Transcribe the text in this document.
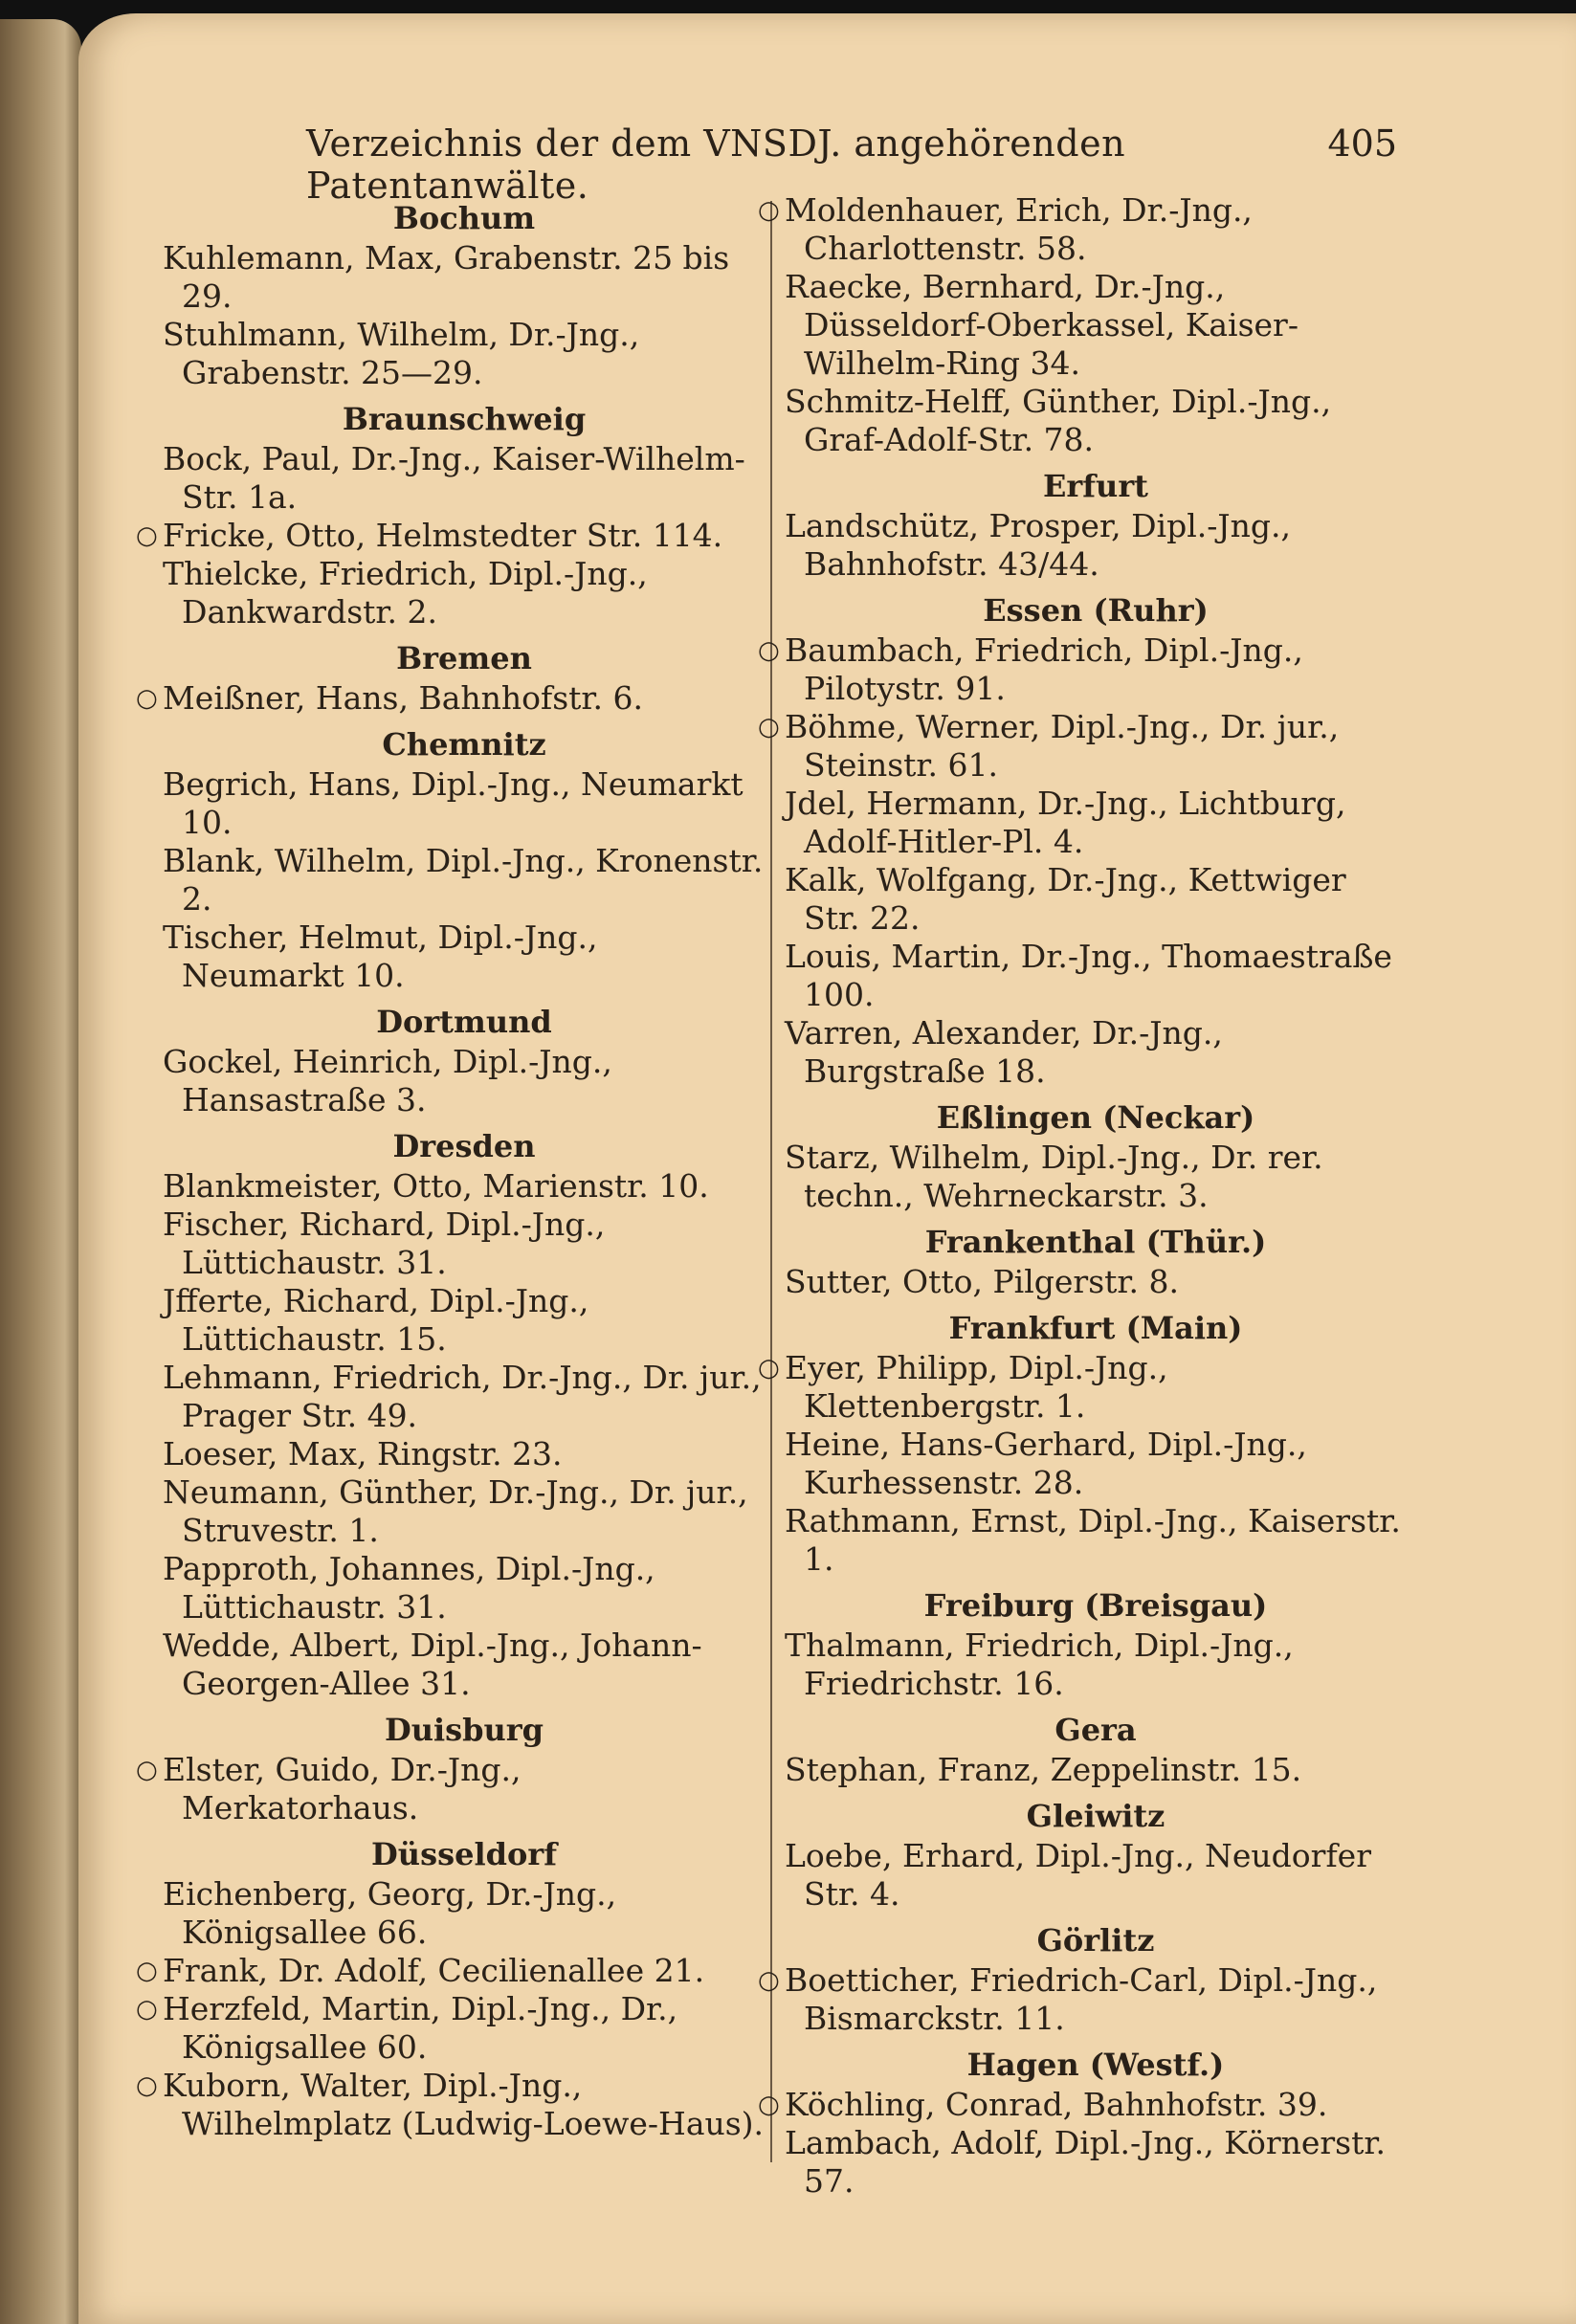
Verzeichnis der dem VNSDJ. angehörenden Patentanwälte.
405
Bochum
Kuhlemann, Max, Grabenstr. 25 bis 29.
Stuhlmann, Wilhelm, Dr.-Jng., Grabenstr. 25—29.
Braunschweig
Bock, Paul, Dr.-Jng., Kaiser-Wilhelm-Str. 1a.
○ Fricke, Otto, Helmstedter Str. 114.
Thielcke, Friedrich, Dipl.-Jng., Dankwardstr. 2.
Bremen
○ Meißner, Hans, Bahnhofstr. 6.
Chemnitz
Begrich, Hans, Dipl.-Jng., Neumarkt 10.
Blank, Wilhelm, Dipl.-Jng., Kronenstr. 2.
Tischer, Helmut, Dipl.-Jng., Neumarkt 10.
Dortmund
Gockel, Heinrich, Dipl.-Jng., Hansastraße 3.
Dresden
Blankmeister, Otto, Marienstr. 10.
Fischer, Richard, Dipl.-Jng., Lüttichaustr. 31.
Jfferte, Richard, Dipl.-Jng., Lüttichaustr. 15.
Lehmann, Friedrich, Dr.-Jng., Dr. jur., Prager Str. 49.
Loeser, Max, Ringstr. 23.
Neumann, Günther, Dr.-Jng., Dr. jur., Struvestr. 1.
Papproth, Johannes, Dipl.-Jng., Lüttichaustr. 31.
Wedde, Albert, Dipl.-Jng., Johann-Georgen-Allee 31.
Duisburg
○ Elster, Guido, Dr.-Jng., Merkatorhaus.
Düsseldorf
Eichenberg, Georg, Dr.-Jng., Königsallee 66.
○ Frank, Dr. Adolf, Cecilienallee 21.
○ Herzfeld, Martin, Dipl.-Jng., Dr., Königsallee 60.
○ Kuborn, Walter, Dipl.-Jng., Wilhelmplatz (Ludwig-Loewe-Haus).
○ Moldenhauer, Erich, Dr.-Jng., Charlottenstr. 58.
Raecke, Bernhard, Dr.-Jng., Düsseldorf-Oberkassel, Kaiser-Wilhelm-Ring 34.
Schmitz-Helff, Günther, Dipl.-Jng., Graf-Adolf-Str. 78.
Erfurt
Landschütz, Prosper, Dipl.-Jng., Bahnhofstr. 43/44.
Essen (Ruhr)
○ Baumbach, Friedrich, Dipl.-Jng., Pilotystr. 91.
○ Böhme, Werner, Dipl.-Jng., Dr. jur., Steinstr. 61.
Jdel, Hermann, Dr.-Jng., Lichtburg, Adolf-Hitler-Pl. 4.
Kalk, Wolfgang, Dr.-Jng., Kettwiger Str. 22.
Louis, Martin, Dr.-Jng., Thomaestraße 100.
Varren, Alexander, Dr.-Jng., Burgstraße 18.
Eßlingen (Neckar)
Starz, Wilhelm, Dipl.-Jng., Dr. rer. techn., Wehrneckarstr. 3.
Frankenthal (Thür.)
Sutter, Otto, Pilgerstr. 8.
Frankfurt (Main)
○ Eyer, Philipp, Dipl.-Jng., Klettenbergstr. 1.
Heine, Hans-Gerhard, Dipl.-Jng., Kurhessenstr. 28.
Rathmann, Ernst, Dipl.-Jng., Kaiserstr. 1.
Freiburg (Breisgau)
Thalmann, Friedrich, Dipl.-Jng., Friedrichstr. 16.
Gera
Stephan, Franz, Zeppelinstr. 15.
Gleiwitz
Loebe, Erhard, Dipl.-Jng., Neudorfer Str. 4.
Görlitz
○ Boetticher, Friedrich-Carl, Dipl.-Jng., Bismarckstr. 11.
Hagen (Westf.)
○ Köchling, Conrad, Bahnhofstr. 39.
Lambach, Adolf, Dipl.-Jng., Körnerstr. 57.
